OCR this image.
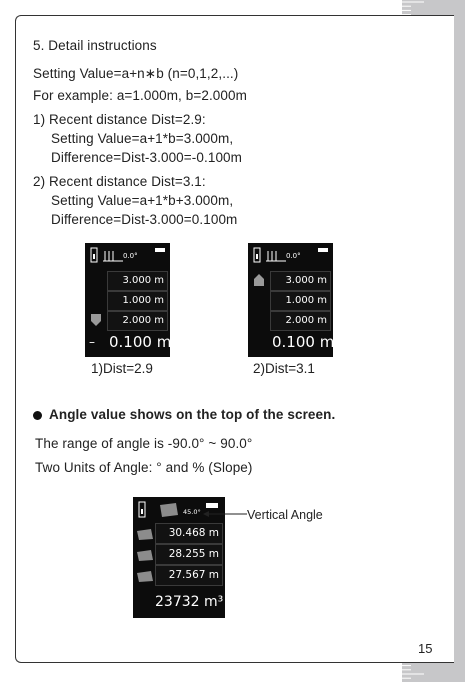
5. Detail instructions
Setting Value=a+n∗b (n=0,1,2,...)
For example: a=1.000m, b=2.000m
1) Recent distance Dist=2.9:
Setting Value=a+1*b=3.000m,
Difference=Dist-3.000=-0.100m
2) Recent distance Dist=3.1:
Setting Value=a+1*b+3.000m,
Difference=Dist-3.000=0.100m
0.0°
3.000 m
1.000 m
2.000 m
– 0.100 m
1)Dist=2.9
0.0°
3.000 m
1.000 m
2.000 m
0.100 m
2)Dist=3.1
Angle value shows on the top of the screen.
The range of angle is -90.0° ~ 90.0°
Two Units of Angle: ° and % (Slope)
45.0°
30.468 m
28.255 m
27.567 m
23732 m³
Vertical Angle
15
